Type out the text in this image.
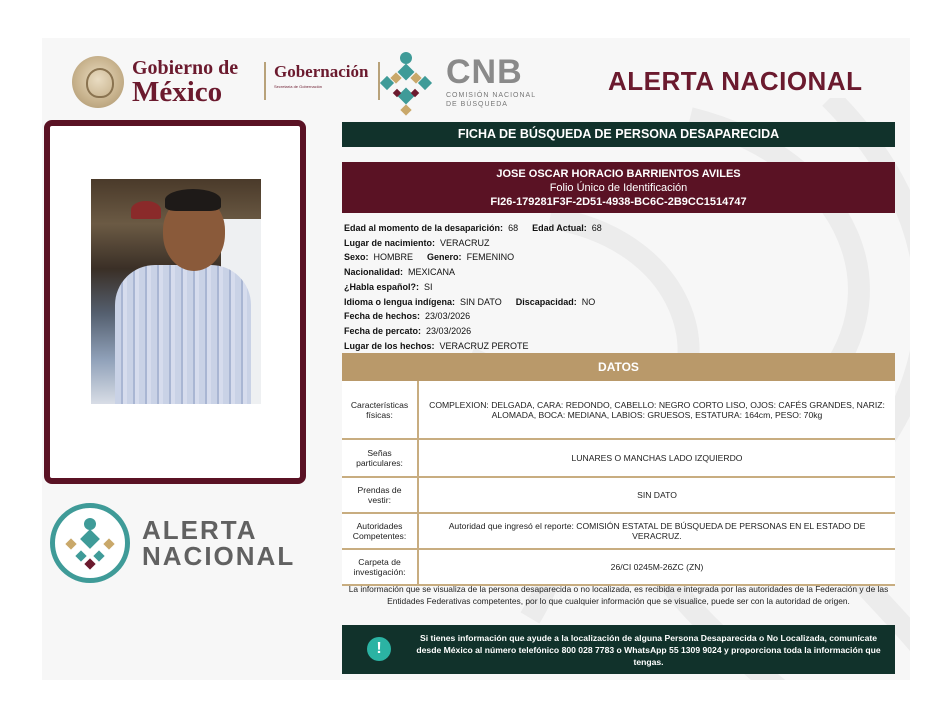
Gobierno de
México
Gobernación
Secretaría de Gobernación	CNB
COMISIÓN NACIONAL
DE BÚSQUEDA
ALERTA NACIONAL
ALERTA
NACIONAL
FICHA DE BÚSQUEDA DE PERSONA DESAPARECIDA
JOSE OSCAR HORACIO BARRIENTOS AVILES
Folio Único de Identificación
FI26-179281F3F-2D51-4938-BC6C-2B9CC1514747
Edad al momento de la desaparición: 68 Edad Actual: 68
Lugar de nacimiento: VERACRUZ
Sexo: HOMBRE Genero: FEMENINO
Nacionalidad: MEXICANA
¿Habla español?: SI
Idioma o lengua indígena: SIN DATO Discapacidad: NO
Fecha de hechos: 23/03/2026
Fecha de percato: 23/03/2026
Lugar de los hechos: VERACRUZ PEROTE
DATOS
Características físicas:	COMPLEXION: DELGADA, CARA: REDONDO, CABELLO: NEGRO CORTO LISO, OJOS: CAFÉS GRANDES, NARIZ: ALOMADA, BOCA: MEDIANA, LABIOS: GRUESOS, ESTATURA: 164cm, PESO: 70kg
Señas particulares:	LUNARES O MANCHAS LADO IZQUIERDO
Prendas de vestir:	SIN DATO
Autoridades Competentes:	Autoridad que ingresó el reporte: COMISIÓN ESTATAL DE BÚSQUEDA DE PERSONAS EN EL ESTADO DE VERACRUZ.
Carpeta de investigación:	26/CI 0245M-26ZC (ZN)
La información que se visualiza de la persona desaparecida o no localizada, es recibida e integrada por las autoridades de la Federación y de las Entidades Federativas competentes, por lo que cualquier información que se visualice, puede ser con la autoridad de origen.
!
Si tienes información que ayude a la localización de alguna Persona Desaparecida o No Localizada, comunícate desde México al número telefónico 800 028 7783 o WhatsApp 55 1309 9024 y proporciona toda la información que tengas.
